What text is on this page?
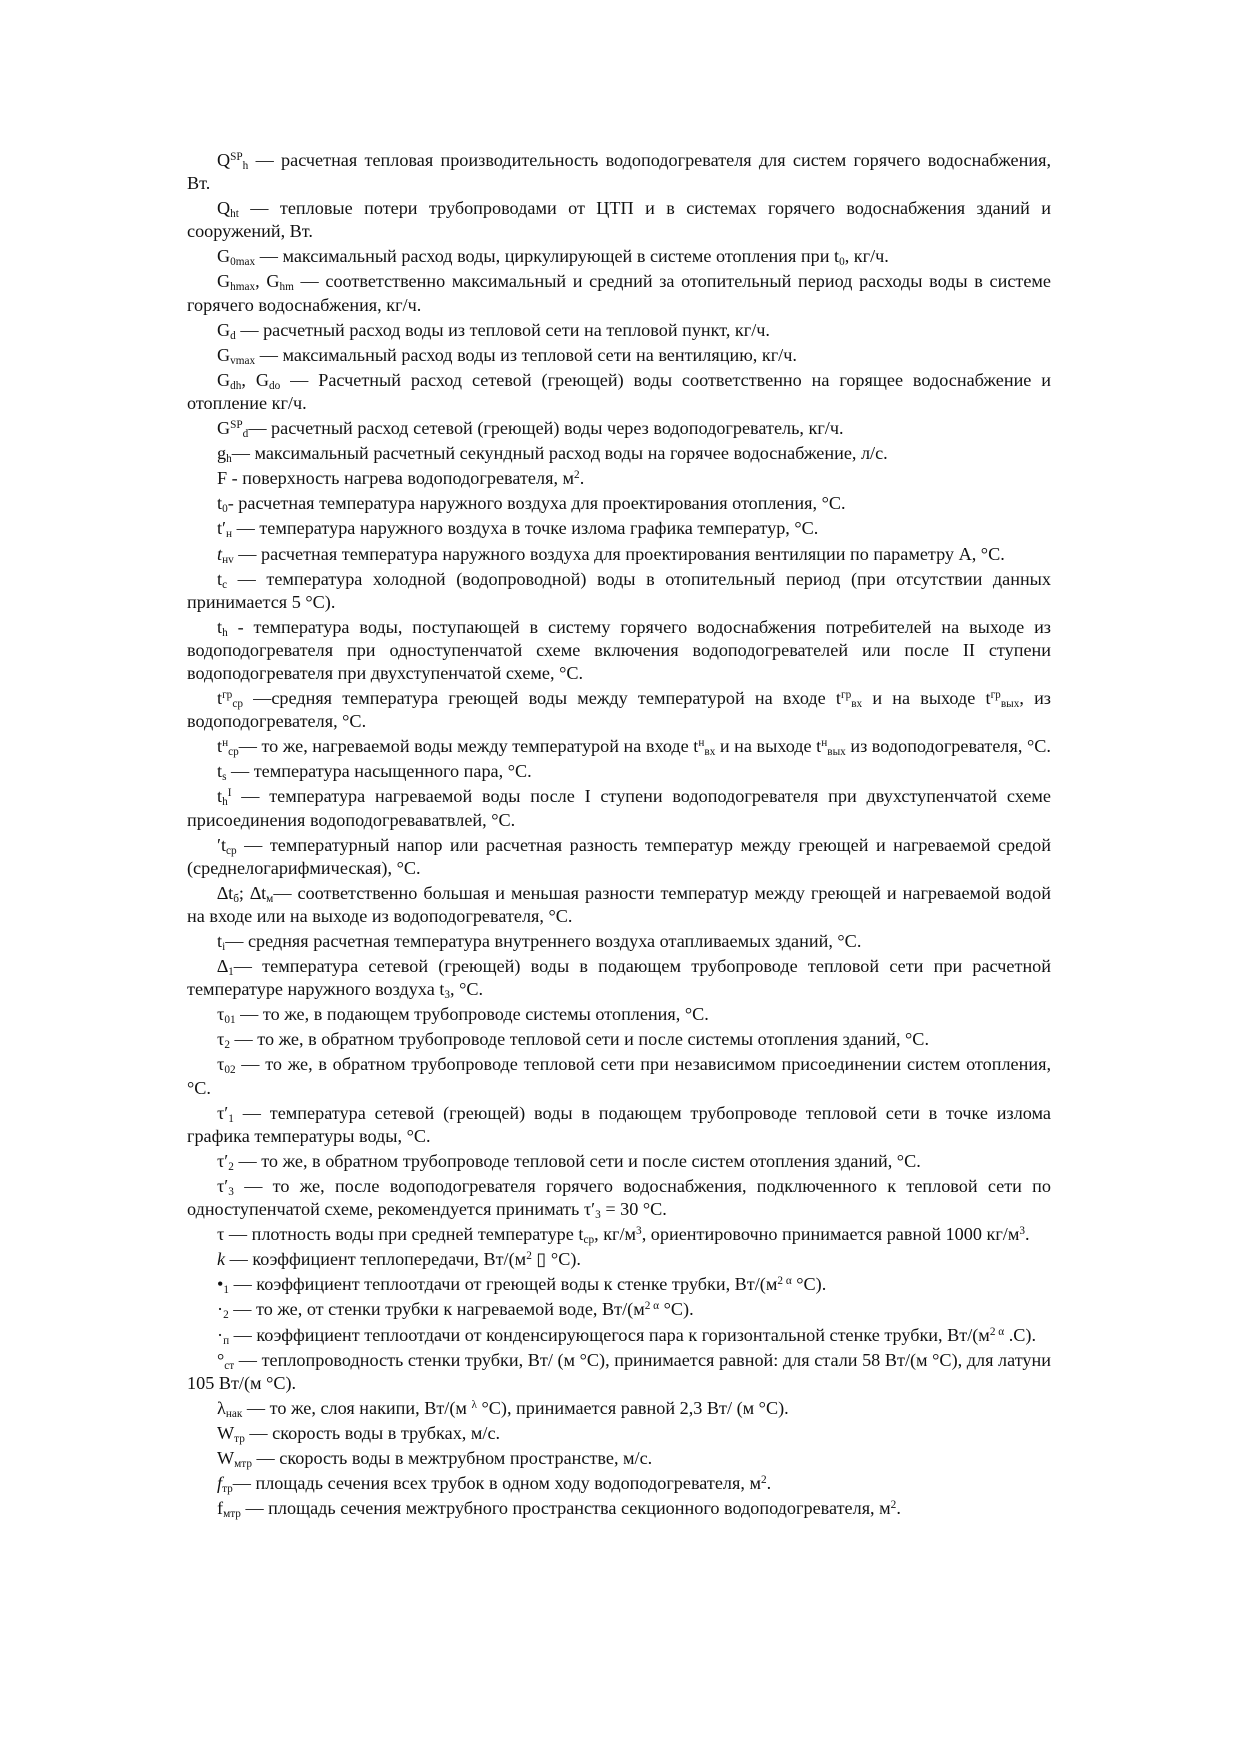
$Q^{SP}_h$ — расчетная тепловая производительность водоподогревателя для систем горячего водоснабжения, Вт.

$Q_{ht}$ — тепловые потери трубопроводами от ЦТП и в системах горячего водоснабжения зданий и сооружений, Вт.

$G_{0max}$ — максимальный расход воды, циркулирующей в системе отопления при $t_0$, кг/ч.

$G_{hmax}$, $G_{hm}$ — соответственно максимальный и средний за отопительный период расходы воды в системе горячего водоснабжения, кг/ч.

$G_d$ — расчетный расход воды из тепловой сети на тепловой пункт, кг/ч.

$G_{vmax}$ — максимальный расход воды из тепловой сети на вентиляцию, кг/ч.

$G_{dh}$, $G_{do}$ — Расчетный расход сетевой (греющей) воды соответственно на горящее водоснабжение и отопление кг/ч.

$G^{SP}_d—$ расчетный расход сетевой (греющей) воды через водоподогреватель, кг/ч.

$g_h—$ максимальный расчетный секундный расход воды на горячее водоснабжение, л/с.

F - поверхность нагрева водоподогревателя, $м^2$.

$t_0-$ расчетная температура наружного воздуха для проектирования отопления, °С.

$t'_н$ — температура наружного воздуха в точке излома графика температур, °С.

$t_{нv}$ — расчетная температура наружного воздуха для проектирования вентиляции по параметру А, °С.

$t_c$ — температура холодной (водопроводной) воды в отопительный период (при отсутствии данных принимается 5 °С).

$t_h$ - температура воды, поступающей в систему горячего водоснабжения потребителей на выходе из водоподогревателя при одноступенчатой схеме включения водоподогревателей или после II ступени водоподогревателя при двухступенчатой схеме, °С.

$t^{гр}_{ср}$ —средняя температура греющей воды между температурой на входе $t^{гр}_{вх}$ и на выходе $t^{гр}_{вых}$, из водоподогревателя, °С.

$t^н_{ср}—$ то же, нагреваемой воды между температурой на входе $t^н_{вх}$ и на выходе $t^н_{вых}$ из водоподогревателя, °С.

$t_s$ — температура насыщенного пара, °С.

$t_h^I$ — температура нагреваемой воды после I ступени водоподогревателя при двухступенчатой схеме присоединения водоподогреваватвлей, °С.

$'t_{ср}$ — температурный напор или расчетная разность температур между греющей и нагреваемой средой (среднелогарифмическая), °С.

$\Delta t_б$; $\Delta t_м—$ соответственно большая и меньшая разности температур между греющей и нагреваемой водой на входе или на выходе из водоподогревателя, °С.

$t_i—$ средняя расчетная температура внутреннего воздуха отапливаемых зданий, °С.

$\Delta_1—$ температура сетевой (греющей) воды в подающем трубопроводе тепловой сети при расчетной температуре наружного воздуха $t_3$, °С.

$\tau_{01}$ — то же, в подающем трубопроводе системы отопления, °С.

$\tau_2$ — то же, в обратном трубопроводе тепловой сети и после системы отопления зданий, °С.

$\tau_{02}$ — то же, в обратном трубопроводе тепловой сети при независимом присоединении систем отопления, °С.

$\tau'_1$ — температура сетевой (греющей) воды в подающем трубопроводе тепловой сети в точке излома графика температуры воды, °С.

$\tau'_2$ — то же, в обратном трубопроводе тепловой сети и после систем отопления зданий, °С.

$\tau'_3$ — то же, после водоподогревателя горячего водоснабжения, подключенного к тепловой сети по одноступенчатой схеме, рекомендуется принимать $\tau'_3 = 30$ °С.

τ — плотность воды при средней температуре $t_{ср}$, $кг/м^3$, ориентировочно принимается равной 1000 $кг/м^3$.

k — коэффициент теплопередачи, $Вт/(м^2$ ▯ °С).

$•_1$ — коэффициент теплоотдачи от греющей воды к стенке трубки, $Вт/(м^{2 \alpha}$ °С).

$\cdot_2$ — то же, от стенки трубки к нагреваемой воде, $Вт/(м^{2 \alpha}$ °С).

$\cdot_п$ — коэффициент теплоотдачи от конденсирующегося пара к горизонтальной стенке трубки, $Вт/(м^{2 \alpha}$ .С).

$^\circ_{ст}$ — теплопроводность стенки трубки, Вт/ (м °С), принимается равной: для стали 58 Вт/(м °С), для латуни 105 Вт/(м °С).

$\lambda_{нак}$ — то же, слоя накипи, Вт/(м $^\lambda$ °С), принимается равной 2,3 Вт/ (м °С).

$W_{тр}$ — скорость воды в трубках, м/с.

$W_{мтр}$ — скорость воды в межтрубном пространстве, м/с.

$f_{тр}—$ площадь сечения всех трубок в одном ходу водоподогревателя, $м^2$.

$f_{мтр}$ — площадь сечения межтрубного пространства секционного водоподогревателя, $м^2$.
